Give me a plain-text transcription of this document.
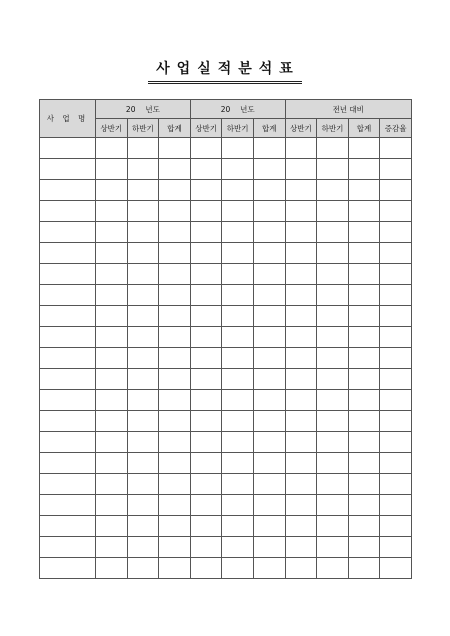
사업실적분석표
사 업 명	20　 년도			20　 년도			전년 대비			
	상반기	하반기	합계	상반기	하반기	합계	상반기	하반기	합계	증감율
